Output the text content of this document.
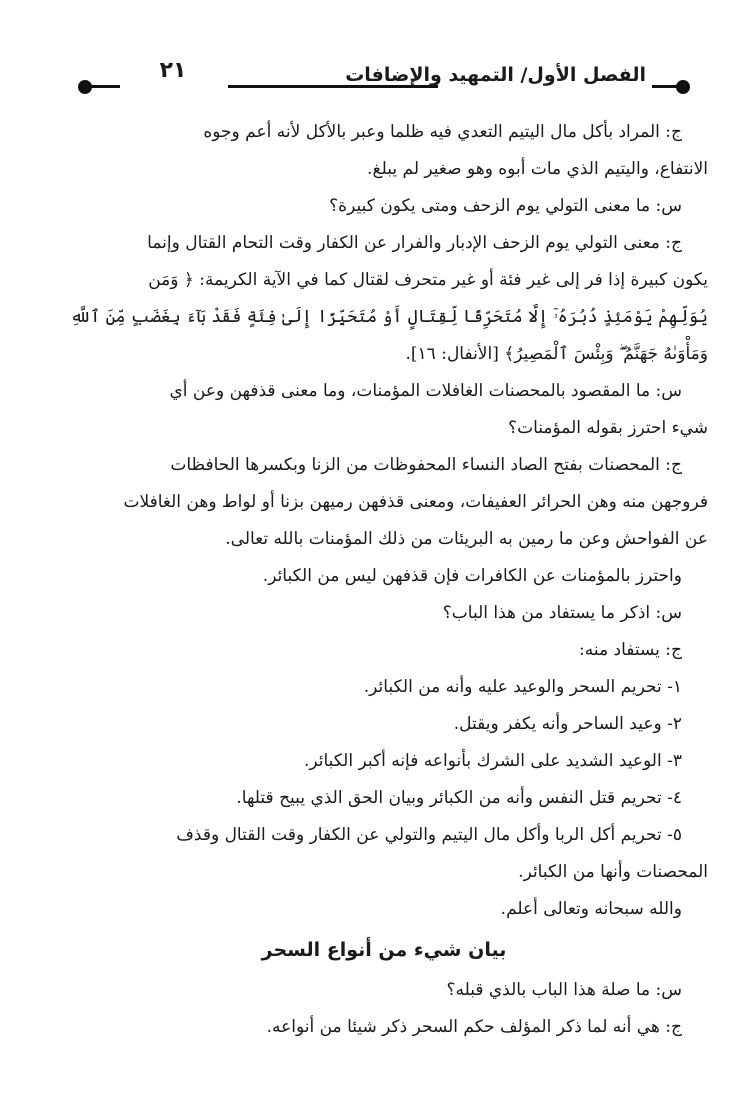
٢١	الفصل الأول/ التمهيد والإضافات
ج: المراد بأكل مال اليتيم التعدي فيه ظلما وعبر بالأكل لأنه أعم وجوه
الانتفاع، واليتيم الذي مات أبوه وهو صغير لم يبلغ.
س: ما معنى التولي يوم الزحف ومتى يكون كبيرة؟
ج: معنى التولي يوم الزحف الإدبار والفرار عن الكفار وقت التحام القتال وإنما
يكون كبيرة إذا فر إلى غير فئة أو غير متحرف لقتال كما في الآية الكريمة: ﴿ وَمَن
يُوَلِّهِمْ يَوْمَئِذٍ دُبُرَهُۥٓ إِلَّا مُتَحَرِّفًا لِّقِتَالٍ أَوْ مُتَحَيِّزًا إِلَىٰ فِئَةٍ فَقَدْ بَآءَ بِغَضَبٍ مِّنَ ٱللَّهِ
وَمَأْوَىٰهُ جَهَنَّمُ ۖ وَبِئْسَ ٱلْمَصِيرُ﴾ [الأنفال: ١٦].
س: ما المقصود بالمحصنات الغافلات المؤمنات، وما معنى قذفهن وعن أي
شيء احترز بقوله المؤمنات؟
ج: المحصنات بفتح الصاد النساء المحفوظات من الزنا وبكسرها الحافظات
فروجهن منه وهن الحرائر العفيفات، ومعنى قذفهن رميهن بزنا أو لواط وهن الغافلات
عن الفواحش وعن ما رمين به البريئات من ذلك المؤمنات بالله تعالى.
واحترز بالمؤمنات عن الكافرات فإن قذفهن ليس من الكبائر.
س: اذكر ما يستفاد من هذا الباب؟
ج: يستفاد منه:
١- تحريم السحر والوعيد عليه وأنه من الكبائر.
٢- وعيد الساحر وأنه يكفر ويقتل.
٣- الوعيد الشديد على الشرك بأنواعه فإنه أكبر الكبائر.
٤- تحريم قتل النفس وأنه من الكبائر وبيان الحق الذي يبيح قتلها.
٥- تحريم أكل الربا وأكل مال اليتيم والتولي عن الكفار وقت القتال وقذف
المحصنات وأنها من الكبائر.
والله سبحانه وتعالى أعلم.
بيان شيء من أنواع السحر
س: ما صلة هذا الباب بالذي قبله؟
ج: هي أنه لما ذكر المؤلف حكم السحر ذكر شيئا من أنواعه.
